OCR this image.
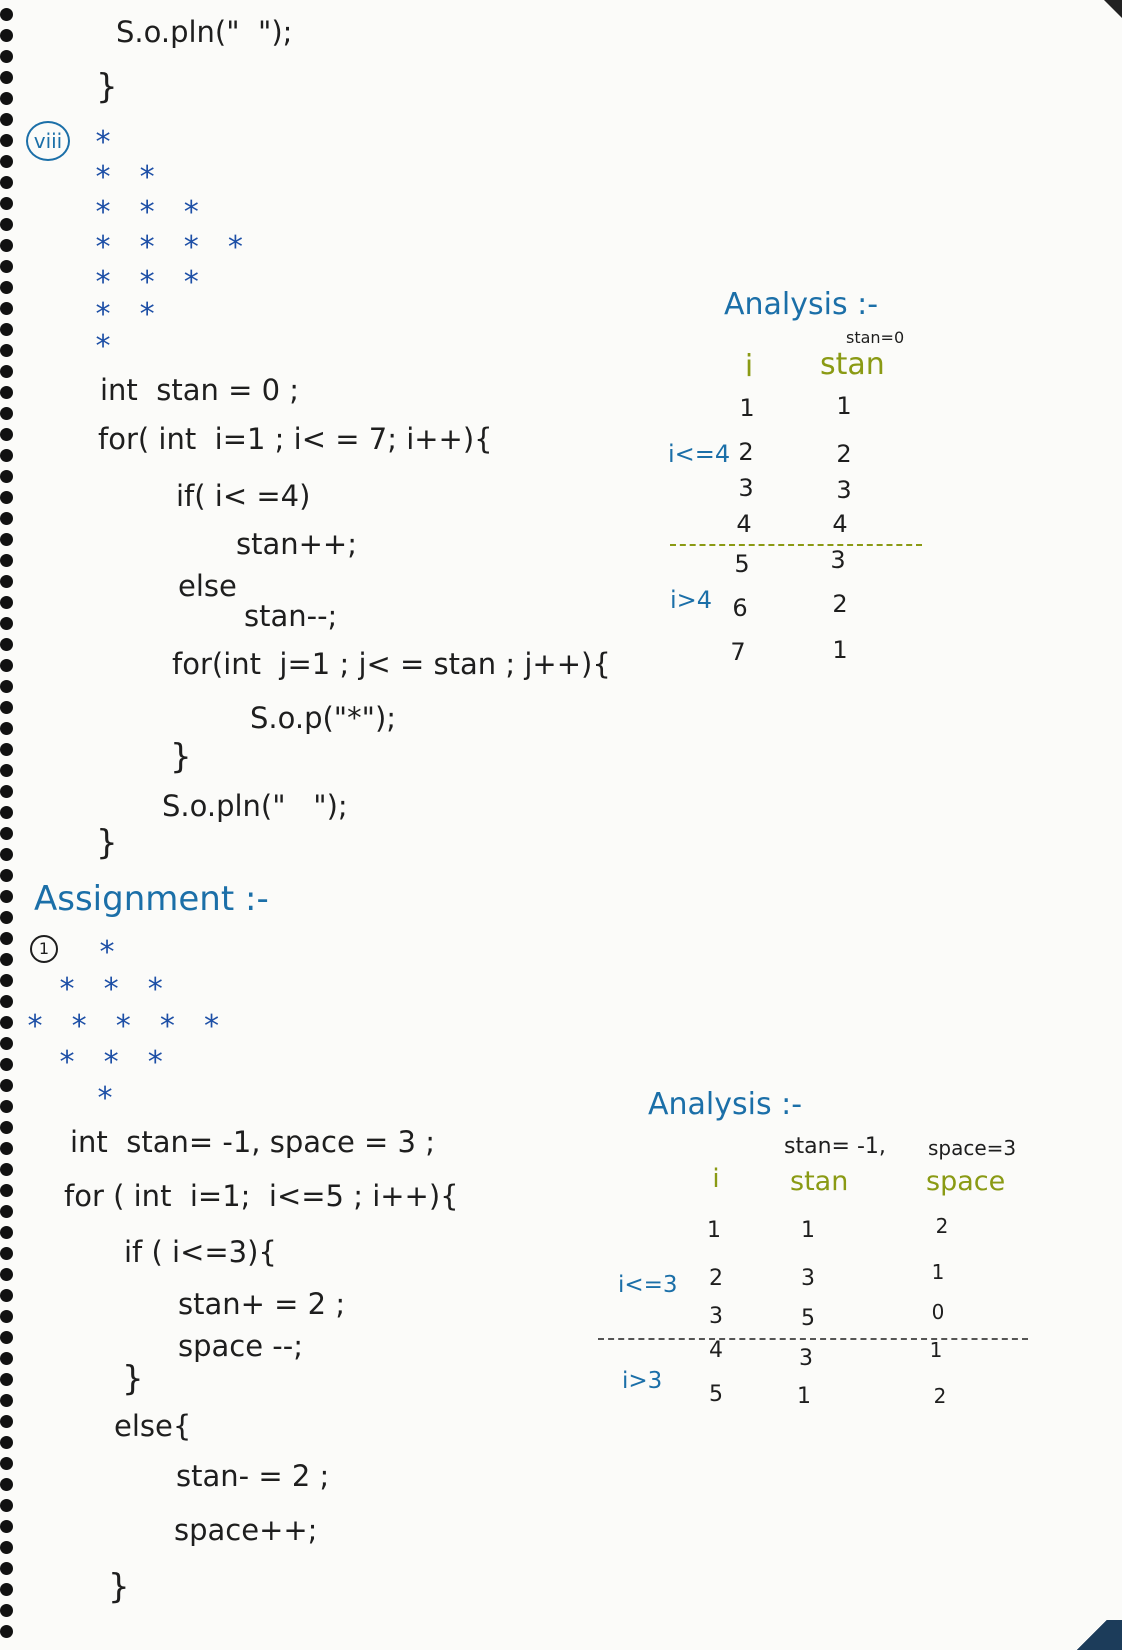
S.o.pln("  ");
}
viii *
* *
* * *
* * * *
* * *
* *
*
int  stan = 0 ;
for( int  i=1 ; i< = 7; i++){
if( i< =4)
stan++;
else
stan--;
for(int  j=1 ; j< = stan ; j++){
S.o.p("*");
}
S.o.pln("   ");
}
Analysis :-
stan=0
i	stan
1	1
2	2
3	3
4	4
5	3
6	2
7	1
i<=4
i>4
Assignment :-
1 *
* * *
* * * * *
* * *
*
int  stan= -1, space = 3 ;
for ( int  i=1;  i<=5 ; i++){
if ( i<=3){
stan+ = 2 ;
space --;
}
else{
stan- = 2 ;
space++;
}
Analysis :-
stan= -1, space=3
i	stan	space
1	1	2
2	3	1
3	5	0
4	3	1
5	1	2
i<=3
i>3
